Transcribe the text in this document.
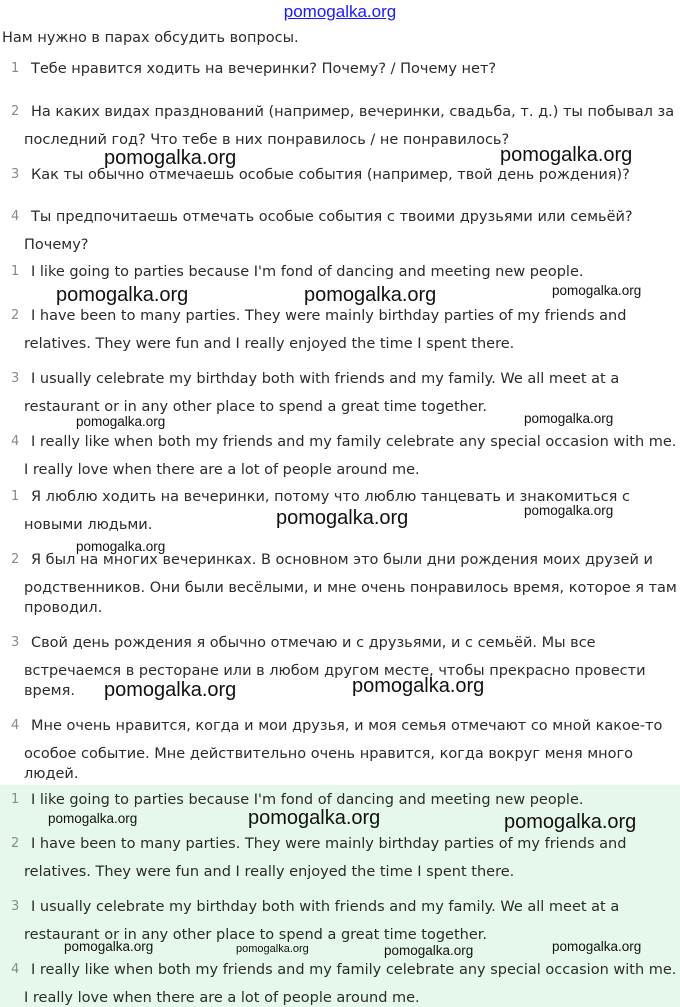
pomogalka.org
Нам нужно в парах обсудить вопросы.
1 Тебе нравится ходить на вечеринки? Почему? / Почему нет?
2 На каких видах празднований (например, вечеринки, свадьба, т. д.) ты побывал за
последний год? Что тебе в них понравилось / не понравилось?
3 Как ты обычно отмечаешь особые события (например, твой день рождения)?
4 Ты предпочитаешь отмечать особые события с твоими друзьями или семьёй?
Почему?
1 I like going to parties because I'm fond of dancing and meeting new people.
2 I have been to many parties. They were mainly birthday parties of my friends and
relatives. They were fun and I really enjoyed the time I spent there.
3 I usually celebrate my birthday both with friends and my family. We all meet at a
restaurant or in any other place to spend a great time together.
4 I really like when both my friends and my family celebrate any special occasion with me.
I really love when there are a lot of people around me.
1 Я люблю ходить на вечеринки, потому что люблю танцевать и знакомиться с
новыми людьми.
2 Я был на многих вечеринках. В основном это были дни рождения моих друзей и
родственников. Они были весёлыми, и мне очень понравилось время, которое я там
проводил.
3 Свой день рождения я обычно отмечаю и с друзьями, и с семьёй. Мы все
встречаемся в ресторане или в любом другом месте, чтобы прекрасно провести
время.
4 Мне очень нравится, когда и мои друзья, и моя семья отмечают со мной какое-то
особое событие. Мне действительно очень нравится, когда вокруг меня много
людей.
1 I like going to parties because I'm fond of dancing and meeting new people.
2 I have been to many parties. They were mainly birthday parties of my friends and
relatives. They were fun and I really enjoyed the time I spent there.
3 I usually celebrate my birthday both with friends and my family. We all meet at a
restaurant or in any other place to spend a great time together.
4 I really like when both my friends and my family celebrate any special occasion with me.
I really love when there are a lot of people around me.
pomogalka.org	pomogalka.org
pomogalka.org	pomogalka.org	pomogalka.org
pomogalka.org	pomogalka.org
pomogalka.org	pomogalka.org
pomogalka.org
pomogalka.org	pomogalka.org
pomogalka.org	pomogalka.org	pomogalka.org
pomogalka.org	pomogalka.org	pomogalka.org	pomogalka.org
